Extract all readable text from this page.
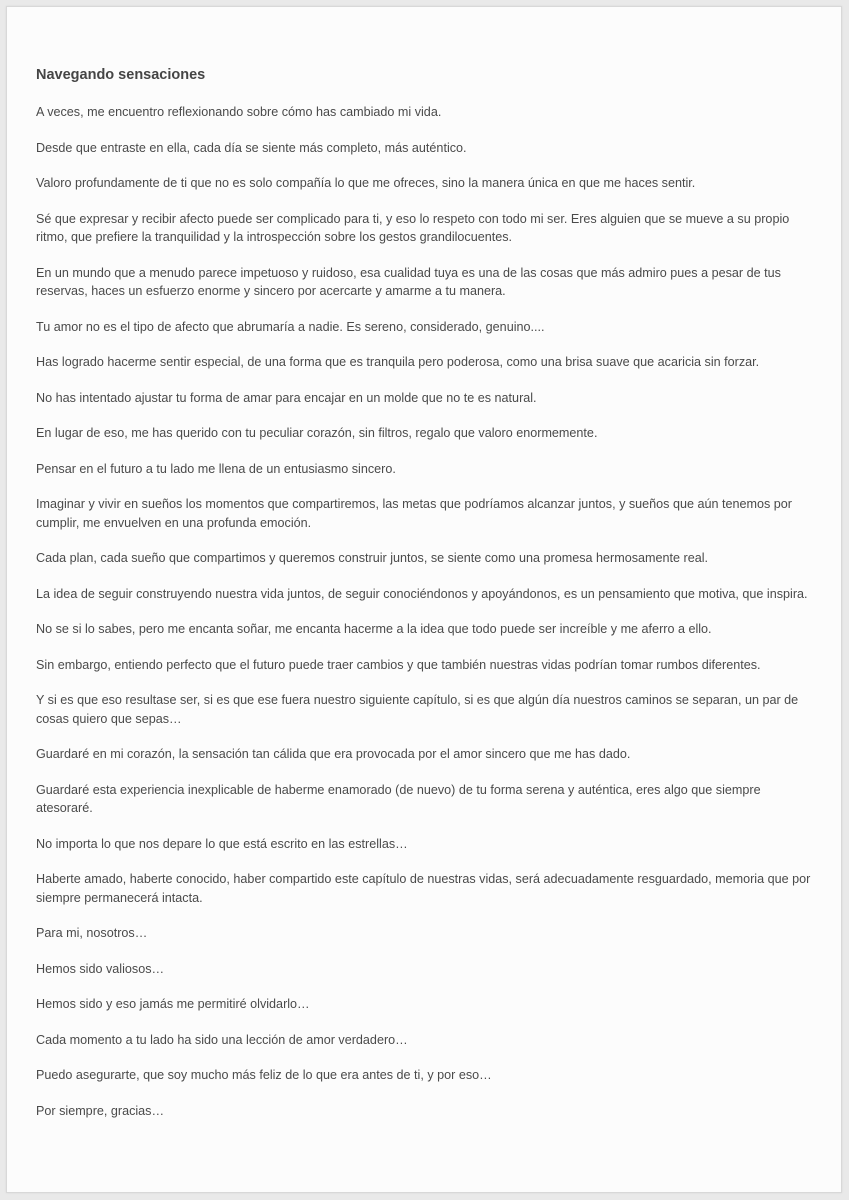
Navegando sensaciones

A veces, me encuentro reflexionando sobre cómo has cambiado mi vida.

Desde que entraste en ella, cada día se siente más completo, más auténtico.

Valoro profundamente de ti que no es solo compañía lo que me ofreces, sino la manera única en que me haces sentir.

Sé que expresar y recibir afecto puede ser complicado para ti, y eso lo respeto con todo mi ser. Eres alguien que se mueve a su propio ritmo, que prefiere la tranquilidad y la introspección sobre los gestos grandilocuentes.

En un mundo que a menudo parece impetuoso y ruidoso, esa cualidad tuya es una de las cosas que más admiro pues a pesar de tus reservas, haces un esfuerzo enorme y sincero por acercarte y amarme a tu manera.

Tu amor no es el tipo de afecto que abrumaría a nadie. Es sereno, considerado, genuino....

Has logrado hacerme sentir especial, de una forma que es tranquila pero poderosa, como una brisa suave que acaricia sin forzar.

No has intentado ajustar tu forma de amar para encajar en un molde que no te es natural.

En lugar de eso, me has querido con tu peculiar corazón, sin filtros, regalo que valoro enormemente.

Pensar en el futuro a tu lado me llena de un entusiasmo sincero.

Imaginar y vivir en sueños los momentos que compartiremos, las metas que podríamos alcanzar juntos, y sueños que aún tenemos por cumplir, me envuelven en una profunda emoción.

Cada plan, cada sueño que compartimos y queremos construir juntos, se siente como una promesa hermosamente real.

La idea de seguir construyendo nuestra vida juntos, de seguir conociéndonos y apoyándonos, es un pensamiento que motiva, que inspira.

No se si lo sabes, pero me encanta soñar, me encanta hacerme a la idea que todo puede ser increíble y me aferro a ello.

Sin embargo, entiendo perfecto que el futuro puede traer cambios y que también nuestras vidas podrían tomar rumbos diferentes.

Y si es que eso resultase ser, si es que ese fuera nuestro siguiente capítulo, si es que algún día nuestros caminos se separan, un par de cosas quiero que sepas…

Guardaré en mi corazón, la sensación tan cálida que era provocada por el amor sincero que me has dado.

Guardaré esta experiencia inexplicable de haberme enamorado (de nuevo) de tu forma serena y auténtica, eres algo que siempre atesoraré.

No importa lo que nos depare lo que está escrito en las estrellas…

Haberte amado, haberte conocido, haber compartido este capítulo de nuestras vidas, será adecuadamente resguardado, memoria que por siempre permanecerá intacta.

Para mi, nosotros…

Hemos sido valiosos…

Hemos sido y eso jamás me permitiré olvidarlo…

Cada momento a tu lado ha sido una lección de amor verdadero…

Puedo asegurarte, que soy mucho más feliz de lo que era antes de ti, y por eso…

Por siempre, gracias…
